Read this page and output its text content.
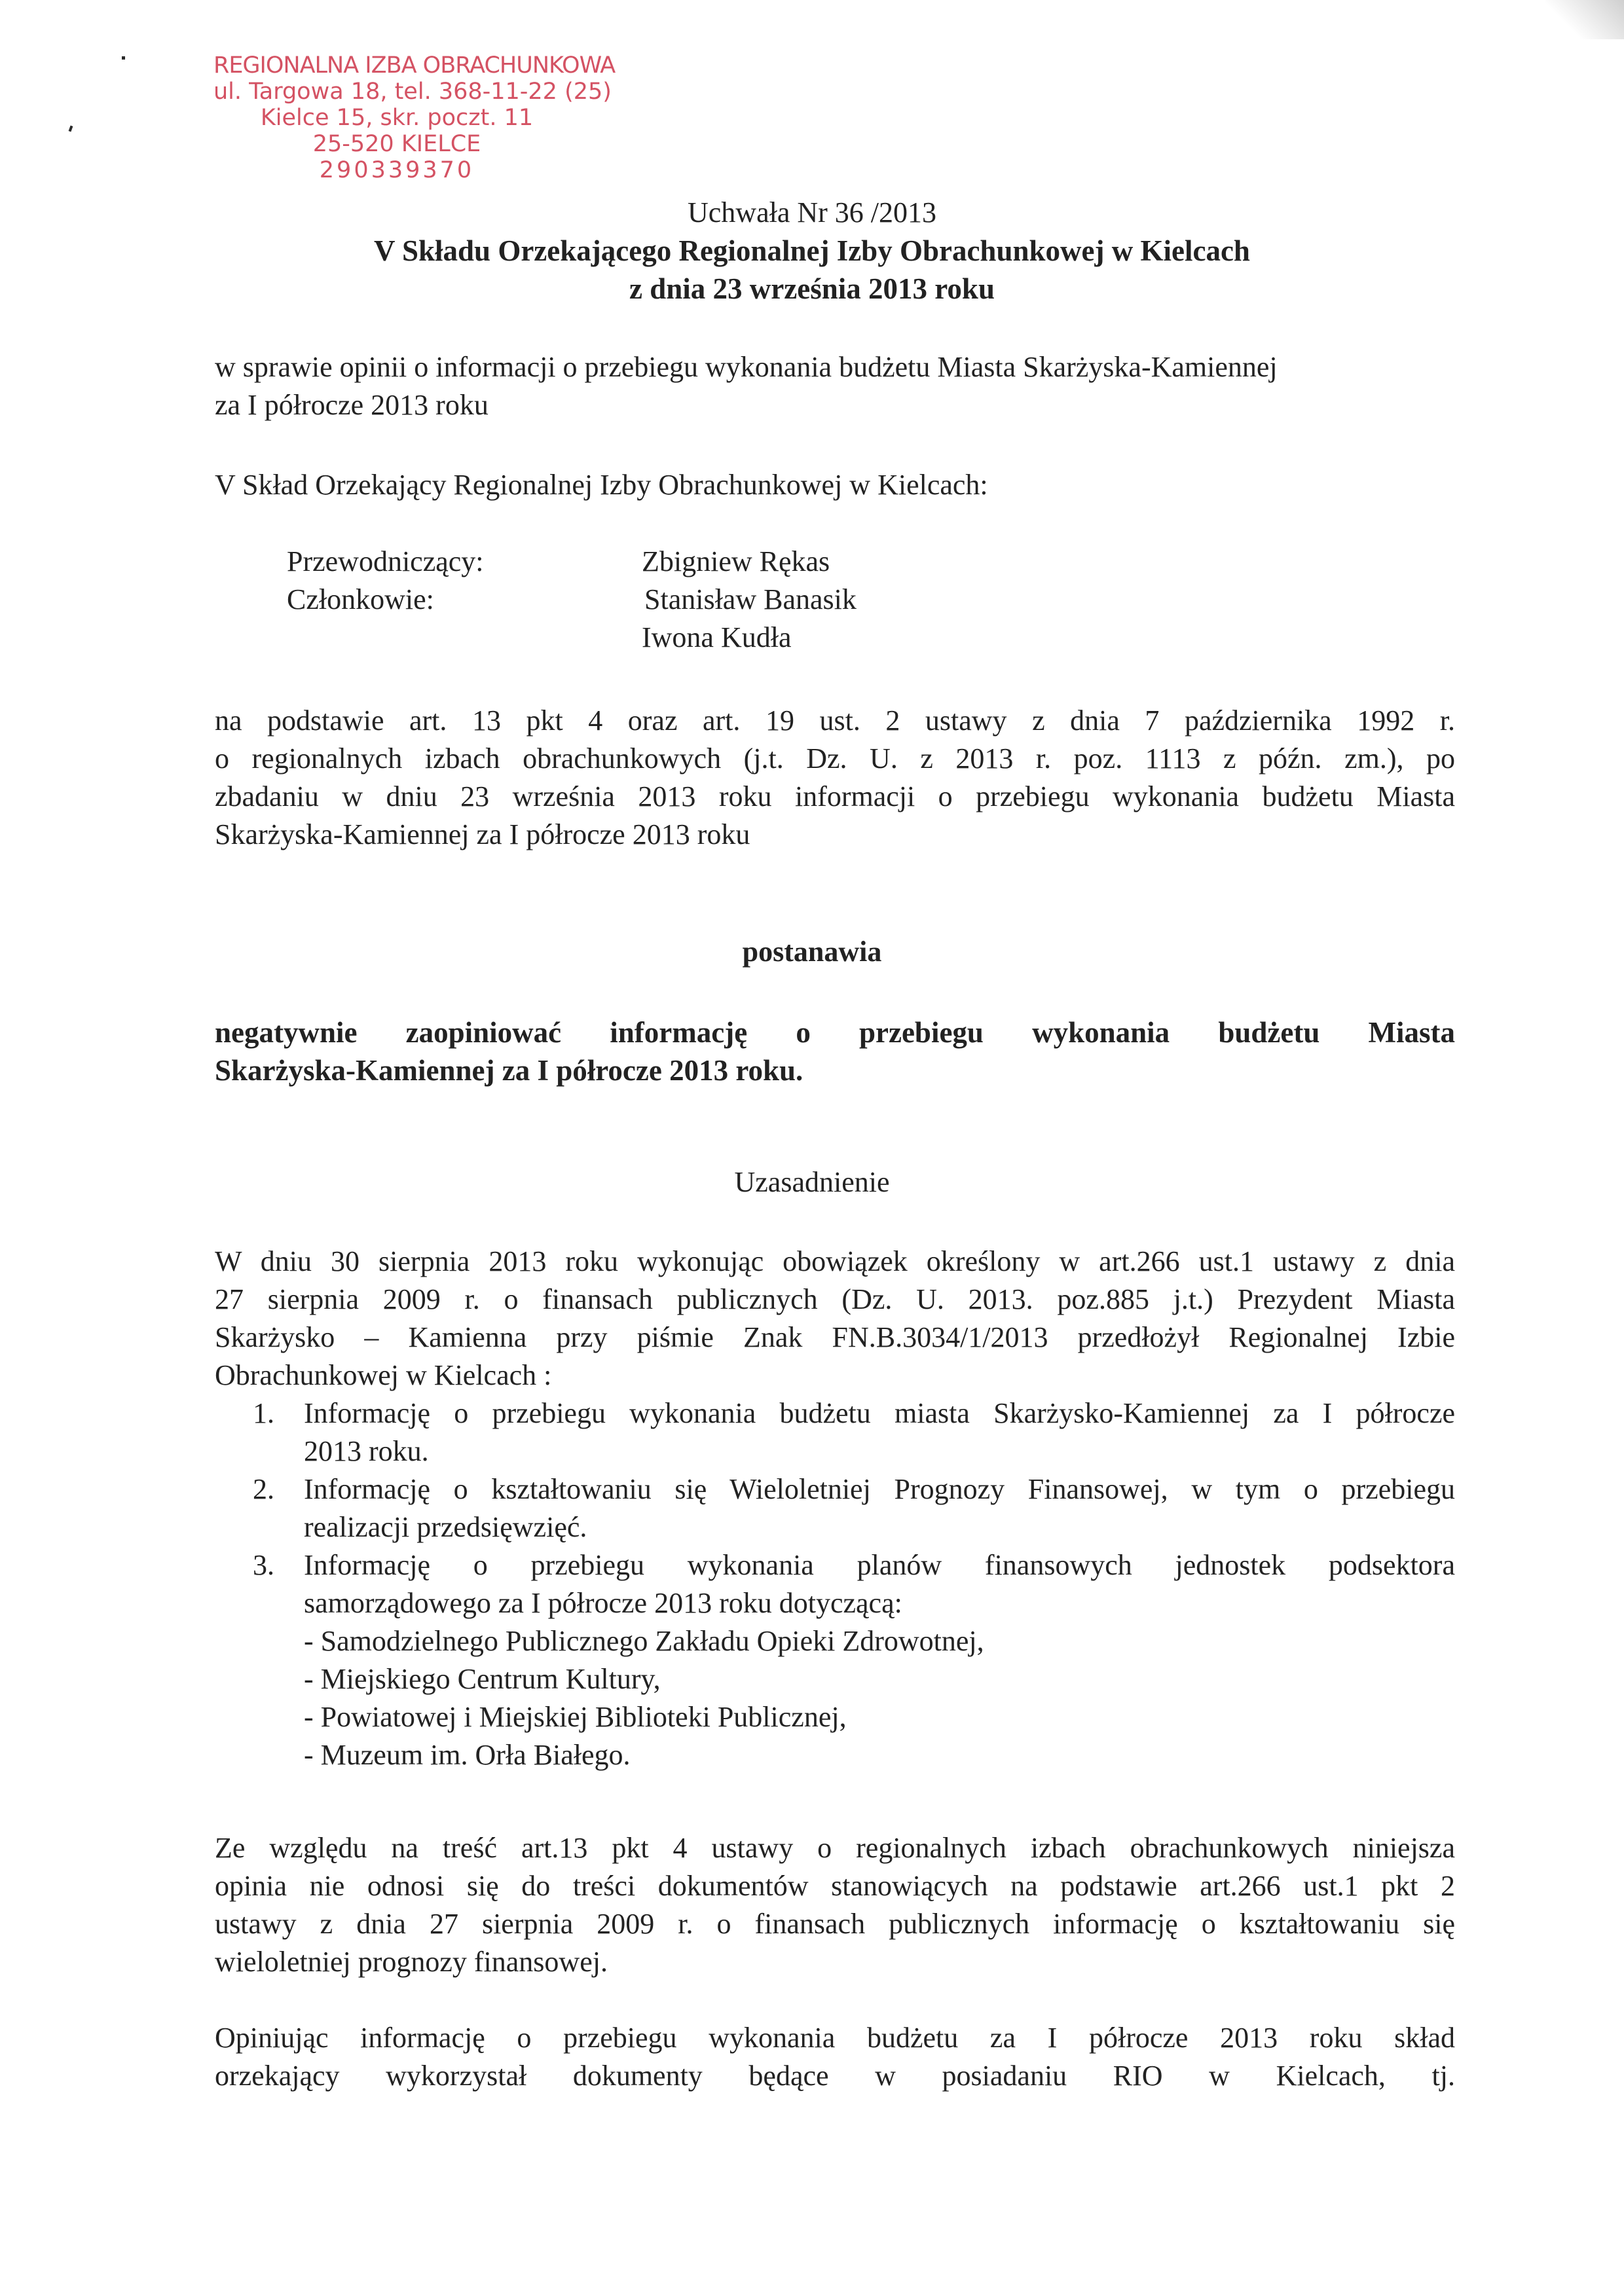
REGIONALNA IZBA OBRACHUNKOWA
ul. Targowa 18, tel. 368-11-22 (25)
Kielce 15, skr. poczt. 11
25-520 KIELCE
290339370
Uchwała Nr 36 /2013
V Składu Orzekającego Regionalnej Izby Obrachunkowej w Kielcach
z dnia 23 września 2013 roku
w sprawie opinii o informacji o przebiegu wykonania budżetu Miasta Skarżyska-Kamiennej
za I półrocze 2013 roku
V Skład Orzekający Regionalnej Izby Obrachunkowej w Kielcach:
Przewodniczący:	Zbigniew Rękas
Członkowie:	Stanisław Banasik
Iwona Kudła
na podstawie art. 13 pkt 4 oraz art. 19 ust. 2 ustawy z dnia 7 października 1992 r.
o regionalnych izbach obrachunkowych (j.t. Dz. U. z 2013 r. poz. 1113 z późn. zm.), po
zbadaniu w dniu 23 września 2013 roku informacji o przebiegu wykonania budżetu Miasta
Skarżyska-Kamiennej za I półrocze 2013 roku
postanawia
negatywnie zaopiniować informację o przebiegu wykonania budżetu Miasta
Skarżyska-Kamiennej za I półrocze 2013 roku.
Uzasadnienie
W dniu 30 sierpnia 2013 roku wykonując obowiązek określony w art.266 ust.1 ustawy z dnia
27 sierpnia 2009 r. o finansach publicznych (Dz. U. 2013. poz.885 j.t.) Prezydent Miasta
Skarżysko – Kamienna przy piśmie Znak FN.B.3034/1/2013 przedłożył Regionalnej Izbie
Obrachunkowej w Kielcach :
1.	Informację o przebiegu wykonania budżetu miasta Skarżysko-Kamiennej za I półrocze
2013 roku.
2.	Informację o kształtowaniu się Wieloletniej Prognozy Finansowej, w tym o przebiegu
realizacji przedsięwzięć.
3.	Informację o przebiegu wykonania planów finansowych jednostek podsektora
samorządowego za I półrocze 2013 roku dotyczącą:
- Samodzielnego Publicznego Zakładu Opieki Zdrowotnej,
- Miejskiego Centrum Kultury,
- Powiatowej i Miejskiej Biblioteki Publicznej,
- Muzeum im. Orła Białego.
Ze względu na treść art.13 pkt 4 ustawy o regionalnych izbach obrachunkowych niniejsza
opinia nie odnosi się do treści dokumentów stanowiących na podstawie art.266 ust.1 pkt 2
ustawy z dnia 27 sierpnia 2009 r. o finansach publicznych informację o kształtowaniu się
wieloletniej prognozy finansowej.
Opiniując informację o przebiegu wykonania budżetu za I półrocze 2013 roku skład
orzekający wykorzystał dokumenty będące w posiadaniu RIO w Kielcach, tj.
